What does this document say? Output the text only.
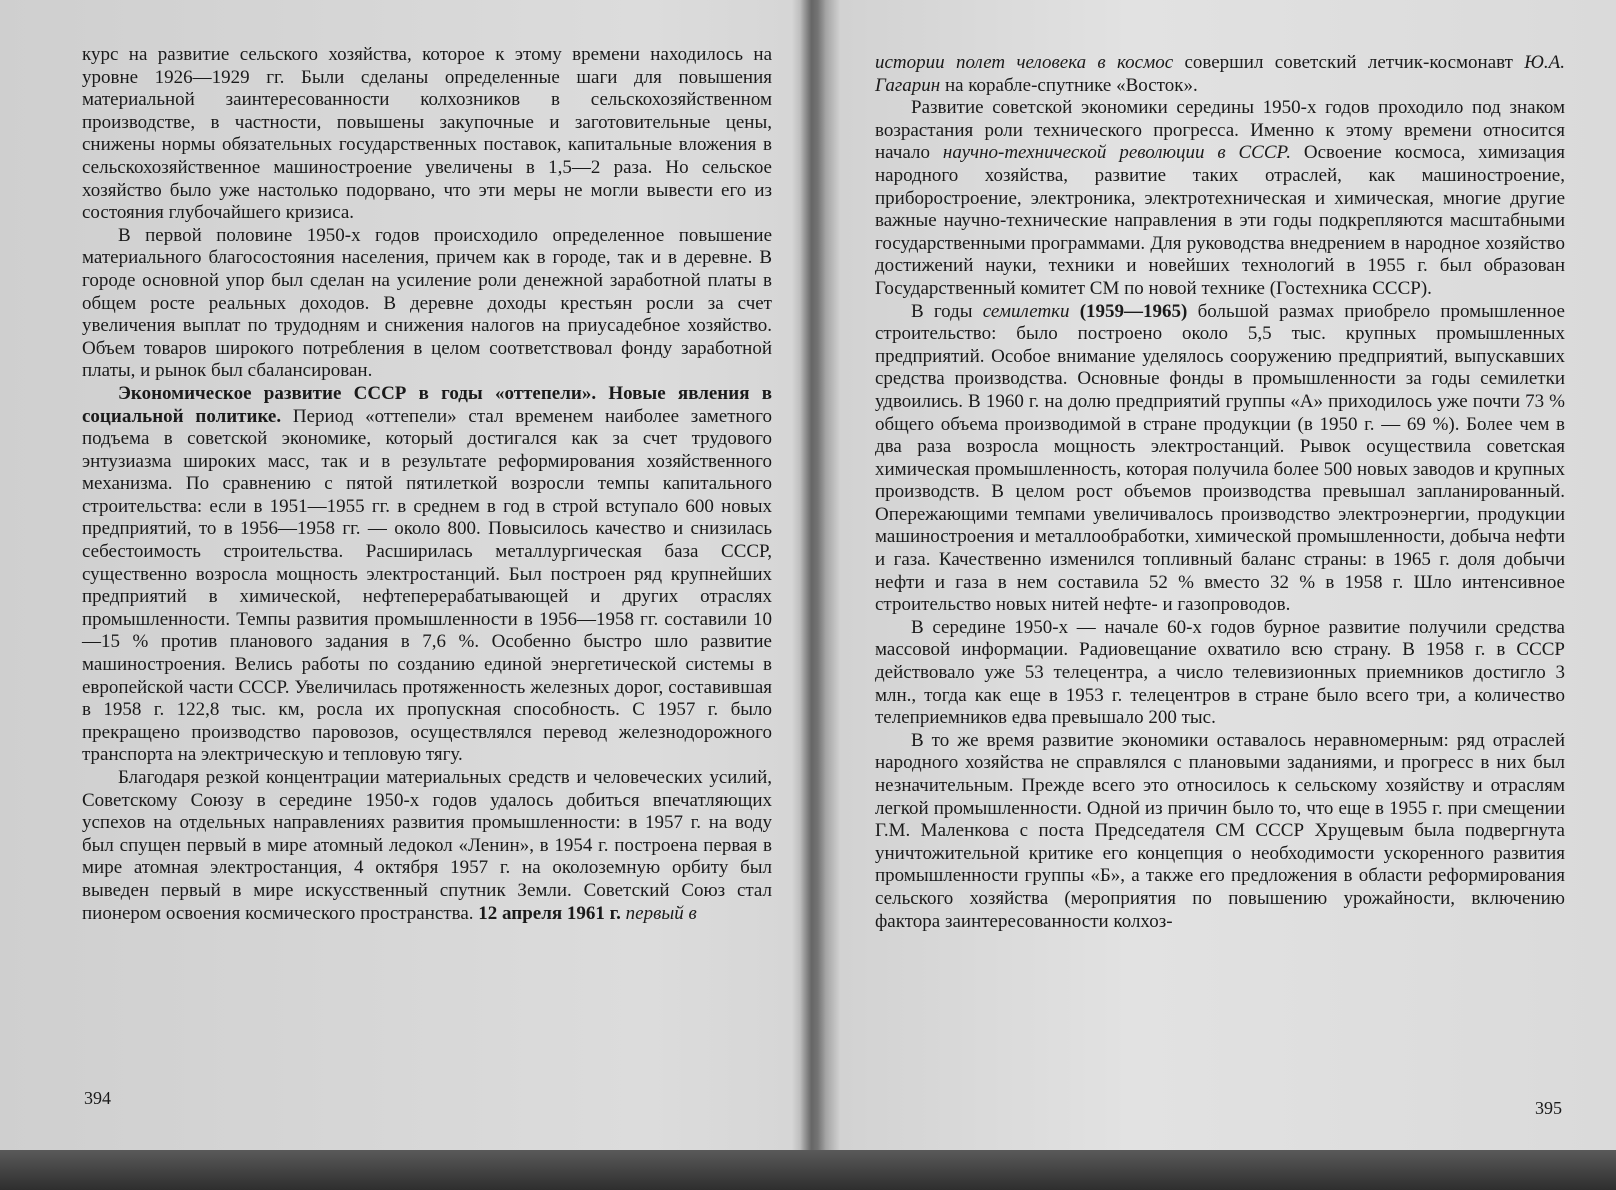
курс на развитие сельского хозяйства, которое к этому времени находилось на уровне 1926—1929 гг. Были сделаны определенные шаги для повышения материальной заинтересованности колхозников в сельскохозяйственном производстве, в частности, повышены закупочные и заготовительные цены, снижены нормы обязательных государственных поставок, капитальные вложения в сельскохозяйственное машиностроение увеличены в 1,5—2 раза. Но сельское хозяйство было уже настолько подорвано, что эти меры не могли вывести его из состояния глубочайшего кризиса.

В первой половине 1950-х годов происходило определенное повышение материального благосостояния населения, причем как в городе, так и в деревне. В городе основной упор был сделан на усиление роли денежной заработной платы в общем росте реальных доходов. В деревне доходы крестьян росли за счет увеличения выплат по трудодням и снижения налогов на приусадебное хозяйство. Объем товаров широкого потребления в целом соответствовал фонду заработной платы, и рынок был сбалансирован.

Экономическое развитие СССР в годы «оттепели». Новые явления в социальной политике. Период «оттепели» стал временем наиболее заметного подъема в советской экономике, который достигался как за счет трудового энтузиазма широких масс, так и в результате реформирования хозяйственного механизма. По сравнению с пятой пятилеткой возросли темпы капитального строительства: если в 1951—1955 гг. в среднем в год в строй вступало 600 новых предприятий, то в 1956—1958 гг. — около 800. Повысилось качество и снизилась себестоимость строительства. Расширилась металлургическая база СССР, существенно возросла мощность электростанций. Был построен ряд крупнейших предприятий в химической, нефтеперерабатывающей и других отраслях промышленности. Темпы развития промышленности в 1956—1958 гг. составили 10—15 % против планового задания в 7,6 %. Особенно быстро шло развитие машиностроения. Велись работы по созданию единой энергетической системы в европейской части СССР. Увеличилась протяженность железных дорог, составившая в 1958 г. 122,8 тыс. км, росла их пропускная способность. С 1957 г. было прекращено производство паровозов, осуществлялся перевод железнодорожного транспорта на электрическую и тепловую тягу.

Благодаря резкой концентрации материальных средств и человеческих усилий, Советскому Союзу в середине 1950-х годов удалось добиться впечатляющих успехов на отдельных направлениях развития промышленности: в 1957 г. на воду был спущен первый в мире атомный ледокол «Ленин», в 1954 г. построена первая в мире атомная электростанция, 4 октября 1957 г. на околоземную орбиту был выведен первый в мире искусственный спутник Земли. Советский Союз стал пионером освоения космического пространства. 12 апреля 1961 г. первый в

394

истории полет человека в космос совершил советский летчик-космонавт Ю.А. Гагарин на корабле-спутнике «Восток».

Развитие советской экономики середины 1950-х годов проходило под знаком возрастания роли технического прогресса. Именно к этому времени относится начало научно-технической революции в СССР. Освоение космоса, химизация народного хозяйства, развитие таких отраслей, как машиностроение, приборостроение, электроника, электротехническая и химическая, многие другие важные научно-технические направления в эти годы подкрепляются масштабными государственными программами. Для руководства внедрением в народное хозяйство достижений науки, техники и новейших технологий в 1955 г. был образован Государственный комитет СМ по новой технике (Гостехника СССР).

В годы семилетки (1959—1965) большой размах приобрело промышленное строительство: было построено около 5,5 тыс. крупных промышленных предприятий. Особое внимание уделялось сооружению предприятий, выпускавших средства производства. Основные фонды в промышленности за годы семилетки удвоились. В 1960 г. на долю предприятий группы «А» приходилось уже почти 73 % общего объема производимой в стране продукции (в 1950 г. — 69 %). Более чем в два раза возросла мощность электростанций. Рывок осуществила советская химическая промышленность, которая получила более 500 новых заводов и крупных производств. В целом рост объемов производства превышал запланированный. Опережающими темпами увеличивалось производство электроэнергии, продукции машиностроения и металлообработки, химической промышленности, добыча нефти и газа. Качественно изменился топливный баланс страны: в 1965 г. доля добычи нефти и газа в нем составила 52 % вместо 32 % в 1958 г. Шло интенсивное строительство новых нитей нефте- и газопроводов.

В середине 1950-х — начале 60-х годов бурное развитие получили средства массовой информации. Радиовещание охватило всю страну. В 1958 г. в СССР действовало уже 53 телецентра, а число телевизионных приемников достигло 3 млн., тогда как еще в 1953 г. телецентров в стране было всего три, а количество телеприемников едва превышало 200 тыс.

В то же время развитие экономики оставалось неравномерным: ряд отраслей народного хозяйства не справлялся с плановыми заданиями, и прогресс в них был незначительным. Прежде всего это относилось к сельскому хозяйству и отраслям легкой промышленности. Одной из причин было то, что еще в 1955 г. при смещении Г.М. Маленкова с поста Председателя СМ СССР Хрущевым была подвергнута уничтожительной критике его концепция о необходимости ускоренного развития промышленности группы «Б», а также его предложения в области реформирования сельского хозяйства (мероприятия по повышению урожайности, включению фактора заинтересованности колхоз-

395
